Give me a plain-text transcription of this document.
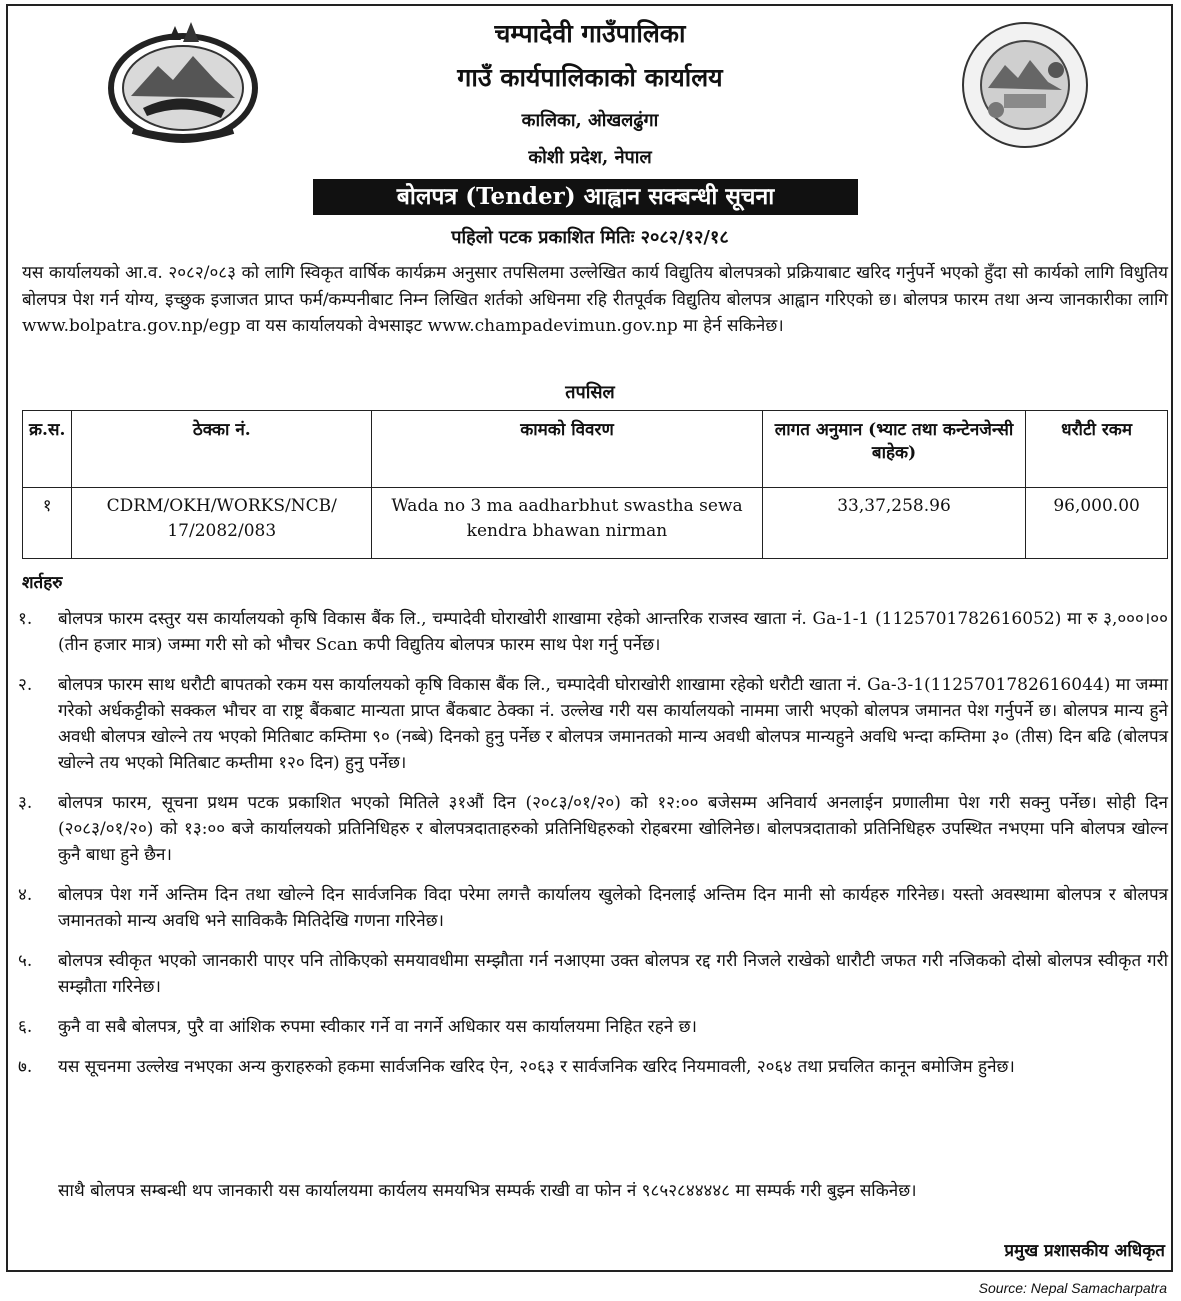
चम्पादेवी गाउँपालिका
गाउँ कार्यपालिकाको कार्यालय
कालिका, ओखलढुंगा
कोशी प्रदेश, नेपाल
बोलपत्र (Tender) आह्वान सक्बन्धी सूचना
पहिलो पटक प्रकाशित मितिः २०८२/१२/१८
यस कार्यालयको आ.व. २०८२/०८३ को लागि स्विकृत वार्षिक कार्यक्रम अनुसार तपसिलमा उल्लेखित कार्य विद्युतिय बोलपत्रको प्रक्रियाबाट खरिद गर्नुपर्ने भएको हुँदा सो कार्यको लागि विधुतिय बोलपत्र पेश गर्न योग्य, इच्छुक इजाजत प्राप्त फर्म/कम्पनीबाट निम्न लिखित शर्तको अधिनमा रहि रीतपूर्वक विद्युतिय बोलपत्र आह्वान गरिएको छ। बोलपत्र फारम तथा अन्य जानकारीका लागि www.bolpatra.gov.np/egp वा यस कार्यालयको वेभसाइट www.champadevimun.gov.np मा हेर्न सकिनेछ।
तपसिल
क्र.स.	ठेक्का नं.	कामको विवरण	लागत अनुमान (भ्याट तथा कन्टेनजेन्सी बाहेक)	धरौटी रकम
१	CDRM/OKH/WORKS/NCB/ 17/2082/083	Wada no 3 ma aadharbhut swastha sewa kendra bhawan nirman	33,37,258.96	96,000.00
शर्तहरु
१.	बोलपत्र फारम दस्तुर यस कार्यालयको कृषि विकास बैंक लि., चम्पादेवी घोराखोरी शाखामा रहेको आन्तरिक राजस्व खाता नं. Ga-1-1 (1125701782616052) मा रु ३,०००।०० (तीन हजार मात्र) जम्मा गरी सो को भौचर Scan कपी विद्युतिय बोलपत्र फारम साथ पेश गर्नु पर्नेछ।
२.	बोलपत्र फारम साथ धरौटी बापतको रकम यस कार्यालयको कृषि विकास बैंक लि., चम्पादेवी घोराखोरी शाखामा रहेको धरौटी खाता नं. Ga-3-1(1125701782616044) मा जम्मा गरेको अर्धकट्टीको सक्कल भौचर वा राष्ट्र बैंकबाट मान्यता प्राप्त बैंकबाट ठेक्का नं. उल्लेख गरी यस कार्यालयको नाममा जारी भएको बोलपत्र जमानत पेश गर्नुपर्ने छ। बोलपत्र मान्य हुने अवधी बोलपत्र खोल्ने तय भएको मितिबाट कम्तिमा ९० (नब्बे) दिनको हुनु पर्नेछ र बोलपत्र जमानतको मान्य अवधी बोलपत्र मान्यहुने अवधि भन्दा कम्तिमा ३० (तीस) दिन बढि (बोलपत्र खोल्ने तय भएको मितिबाट कम्तीमा १२० दिन) हुनु पर्नेछ।
३.	बोलपत्र फारम, सूचना प्रथम पटक प्रकाशित भएको मितिले ३१औं दिन (२०८३/०१/२०) को १२:०० बजेसम्म अनिवार्य अनलाईन प्रणालीमा पेश गरी सक्नु पर्नेछ। सोही दिन (२०८३/०१/२०) को १३:०० बजे कार्यालयको प्रतिनिधिहरु र बोलपत्रदाताहरुको प्रतिनिधिहरुको रोहबरमा खोलिनेछ। बोलपत्रदाताको प्रतिनिधिहरु उपस्थित नभएमा पनि बोलपत्र खोल्न कुनै बाधा हुने छैन।
४.	बोलपत्र पेश गर्ने अन्तिम दिन तथा खोल्ने दिन सार्वजनिक विदा परेमा लगत्तै कार्यालय खुलेको दिनलाई अन्तिम दिन मानी सो कार्यहरु गरिनेछ। यस्तो अवस्थामा बोलपत्र र बोलपत्र जमानतको मान्य अवधि भने साविककै मितिदेखि गणना गरिनेछ।
५.	बोलपत्र स्वीकृत भएको जानकारी पाएर पनि तोकिएको समयावधीमा सम्झौता गर्न नआएमा उक्त बोलपत्र रद्द गरी निजले राखेको धारौटी जफत गरी नजिकको दोस्रो बोलपत्र स्वीकृत गरी सम्झौता गरिनेछ।
६.	कुनै वा सबै बोलपत्र, पुरै वा आंशिक रुपमा स्वीकार गर्ने वा नगर्ने अधिकार यस कार्यालयमा निहित रहने छ।
७.	यस सूचनमा उल्लेख नभएका अन्य कुराहरुको हकमा सार्वजनिक खरिद ऐन, २०६३ र सार्वजनिक खरिद नियमावली, २०६४ तथा प्रचलित कानून बमोजिम हुनेछ।
साथै बोलपत्र सम्बन्धी थप जानकारी यस कार्यालयमा कार्यलय समयभित्र सम्पर्क राखी वा फोन नं ९८५२८४४४४८ मा सम्पर्क गरी बुझ्न सकिनेछ।
प्रमुख प्रशासकीय अधिकृत
Source: Nepal Samacharpatra
